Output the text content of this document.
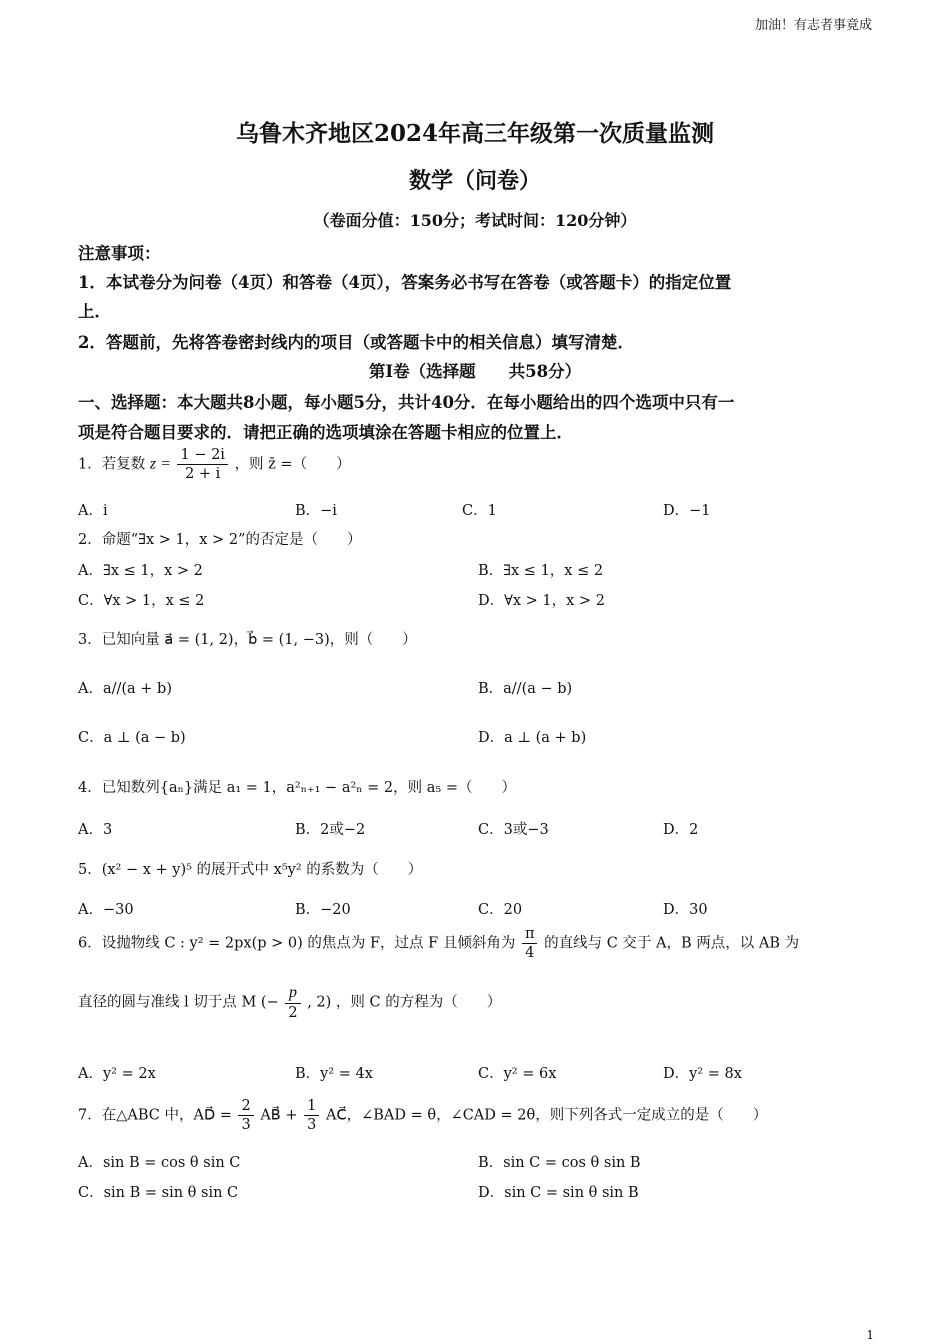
加油！有志者事竟成
乌鲁木齐地区2024年高三年级第一次质量监测
数学（问卷）
（卷面分值：150分；考试时间：120分钟）
注意事项：
1．本试卷分为问卷（4页）和答卷（4页），答案务必书写在答卷（或答题卡）的指定位置
上．
2．答题前，先将答卷密封线内的项目（或答题卡中的相关信息）填写清楚．
第Ⅰ卷（选择题　　共58分）
一、选择题：本大题共8小题，每小题5分，共计40分．在每小题给出的四个选项中只有一
项是符合题目要求的．请把正确的选项填涂在答题卡相应的位置上．
1．若复数 $z = \frac{1 - 2i}{2 + i}$ ，则 z̄ =（　　）
A．i	B．−i	C．1	D．−1
2．命题“∃x > 1，x > 2”的否定是（　　）
A．∃x ≤ 1，x > 2	B．∃x ≤ 1，x ≤ 2
C．∀x > 1，x ≤ 2	D．∀x > 1，x > 2
3．已知向量 a⃗ = (1, 2)，b⃗ = (1, −3)，则（　　）
A．a//(a + b)	B．a//(a − b)
C．a ⊥ (a − b)	D．a ⊥ (a + b)
4．已知数列{aₙ}满足 a₁ = 1，a²ₙ₊₁ − a²ₙ = 2，则 a₅ =（　　）
A．3	B．2或−2	C．3或−3	D．2
5．(x² − x + y)⁵ 的展开式中 x⁵y² 的系数为（　　）
A．−30	B．−20	C．20	D．30
6．设抛物线 C : y² = 2px(p > 0) 的焦点为 F，过点 F 且倾斜角为 $\frac{\pi}{4}$ 的直线与 C 交于 A，B 两点，以 AB 为
直径的圆与准线 l 切于点 M (− $\frac{p}{2}$ , 2) ，则 C 的方程为（　　）
A．y² = 2x	B．y² = 4x	C．y² = 6x	D．y² = 8x
7．在△ABC 中，AD⃗ = $\frac{2}{3}$ AB⃗ + $\frac{1}{3}$ AC⃗，∠BAD = θ，∠CAD = 2θ，则下列各式一定成立的是（　　）
A．sin B = cos θ sin C	B．sin C = cos θ sin B
C．sin B = sin θ sin C	D．sin C = sin θ sin B
1
